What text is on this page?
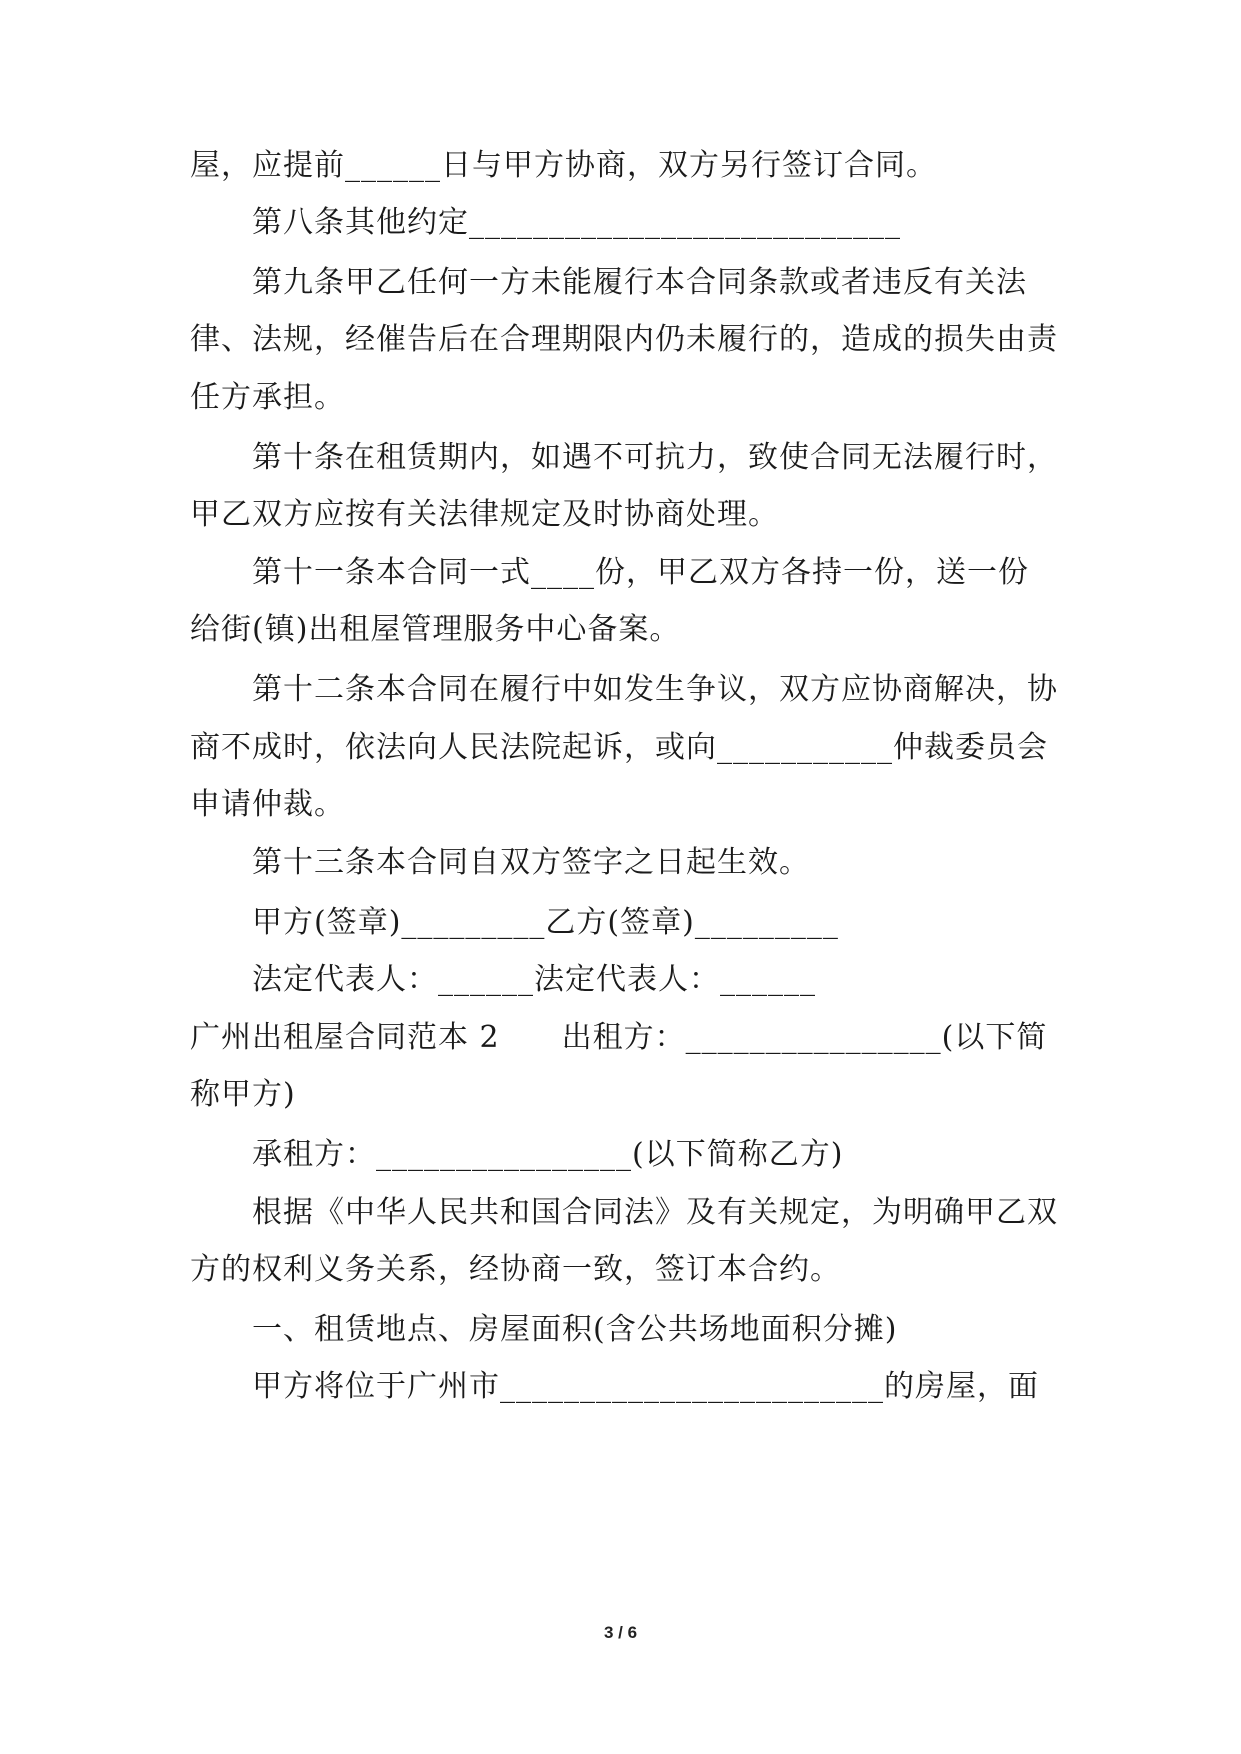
屋，应提前______日与甲方协商，双方另行签订合同。
第八条其他约定___________________________
第九条甲乙任何一方未能履行本合同条款或者违反有关法
律、法规，经催告后在合理期限内仍未履行的，造成的损失由责
任方承担。
第十条在租赁期内，如遇不可抗力，致使合同无法履行时，
甲乙双方应按有关法律规定及时协商处理。
第十一条本合同一式____份，甲乙双方各持一份，送一份
给街(镇)出租屋管理服务中心备案。
第十二条本合同在履行中如发生争议，双方应协商解决，协
商不成时，依法向人民法院起诉，或向___________仲裁委员会
申请仲裁。
第十三条本合同自双方签字之日起生效。
甲方(签章)_________乙方(签章)_________
法定代表人：______法定代表人：______
广州出租屋合同范本 2　　出租方：________________(以下简
称甲方)
承租方：________________(以下简称乙方)
根据《中华人民共和国合同法》及有关规定，为明确甲乙双
方的权利义务关系，经协商一致，签订本合约。
一、租赁地点、房屋面积(含公共场地面积分摊)
甲方将位于广州市________________________的房屋，面
3 / 6
